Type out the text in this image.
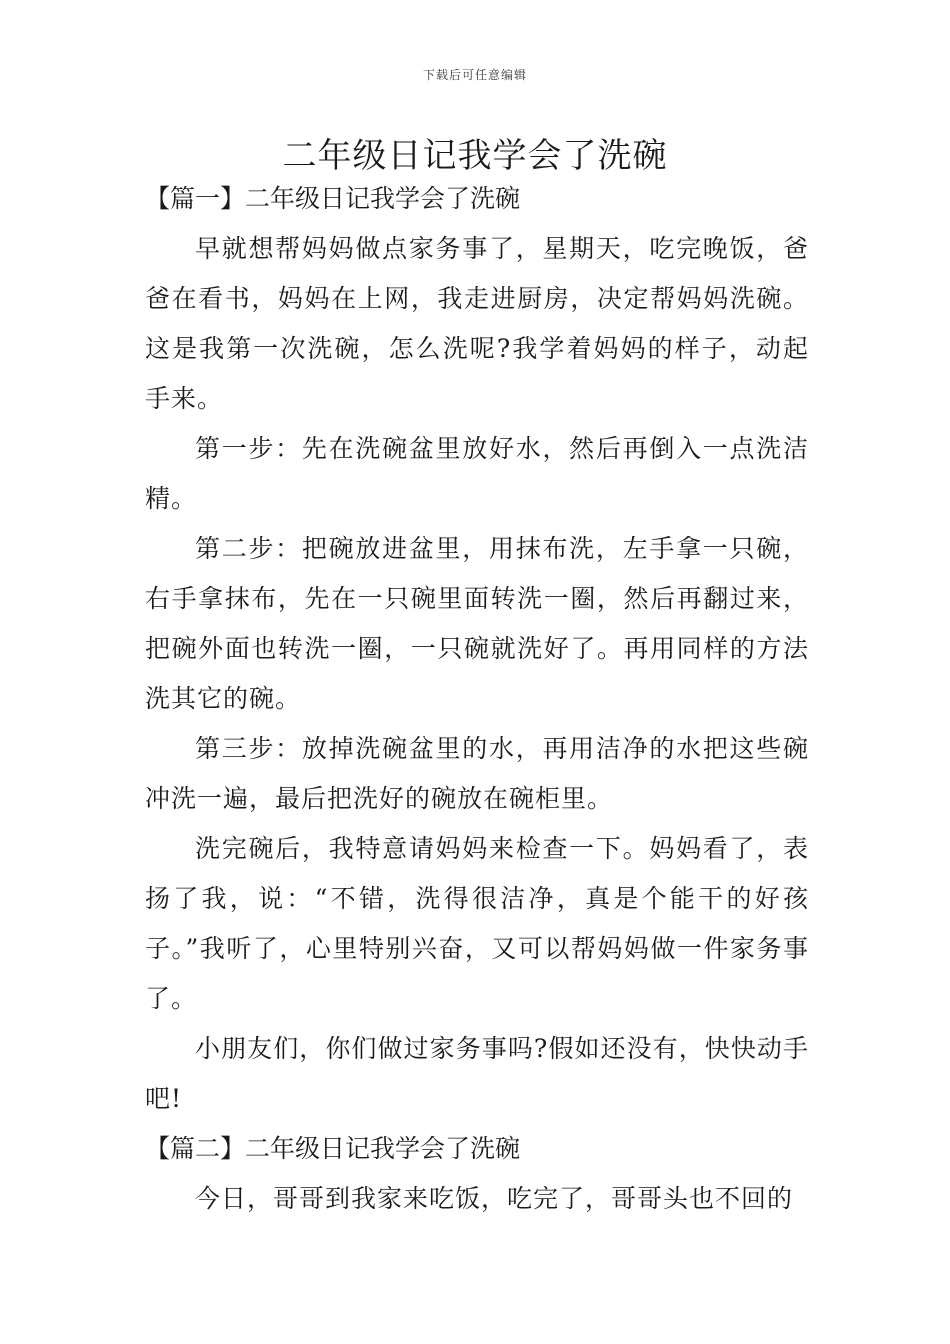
下载后可任意编辑
二年级日记我学会了洗碗

【篇一】二年级日记我学会了洗碗

早就想帮妈妈做点家务事了，星期天，吃完晚饭，爸爸在看书，妈妈在上网，我走进厨房，决定帮妈妈洗碗。这是我第一次洗碗，怎么洗呢?我学着妈妈的样子，动起手来。

第一步：先在洗碗盆里放好水，然后再倒入一点洗洁精。

第二步：把碗放进盆里，用抹布洗，左手拿一只碗，右手拿抹布，先在一只碗里面转洗一圈，然后再翻过来，把碗外面也转洗一圈，一只碗就洗好了。再用同样的方法洗其它的碗。

第三步：放掉洗碗盆里的水，再用洁净的水把这些碗冲洗一遍，最后把洗好的碗放在碗柜里。

洗完碗后，我特意请妈妈来检查一下。妈妈看了，表扬了我，说：“不错，洗得很洁净，真是个能干的好孩子。”我听了，心里特别兴奋，又可以帮妈妈做一件家务事了。

小朋友们，你们做过家务事吗?假如还没有，快快动手吧!

【篇二】二年级日记我学会了洗碗

今日，哥哥到我家来吃饭，吃完了，哥哥头也不回的
